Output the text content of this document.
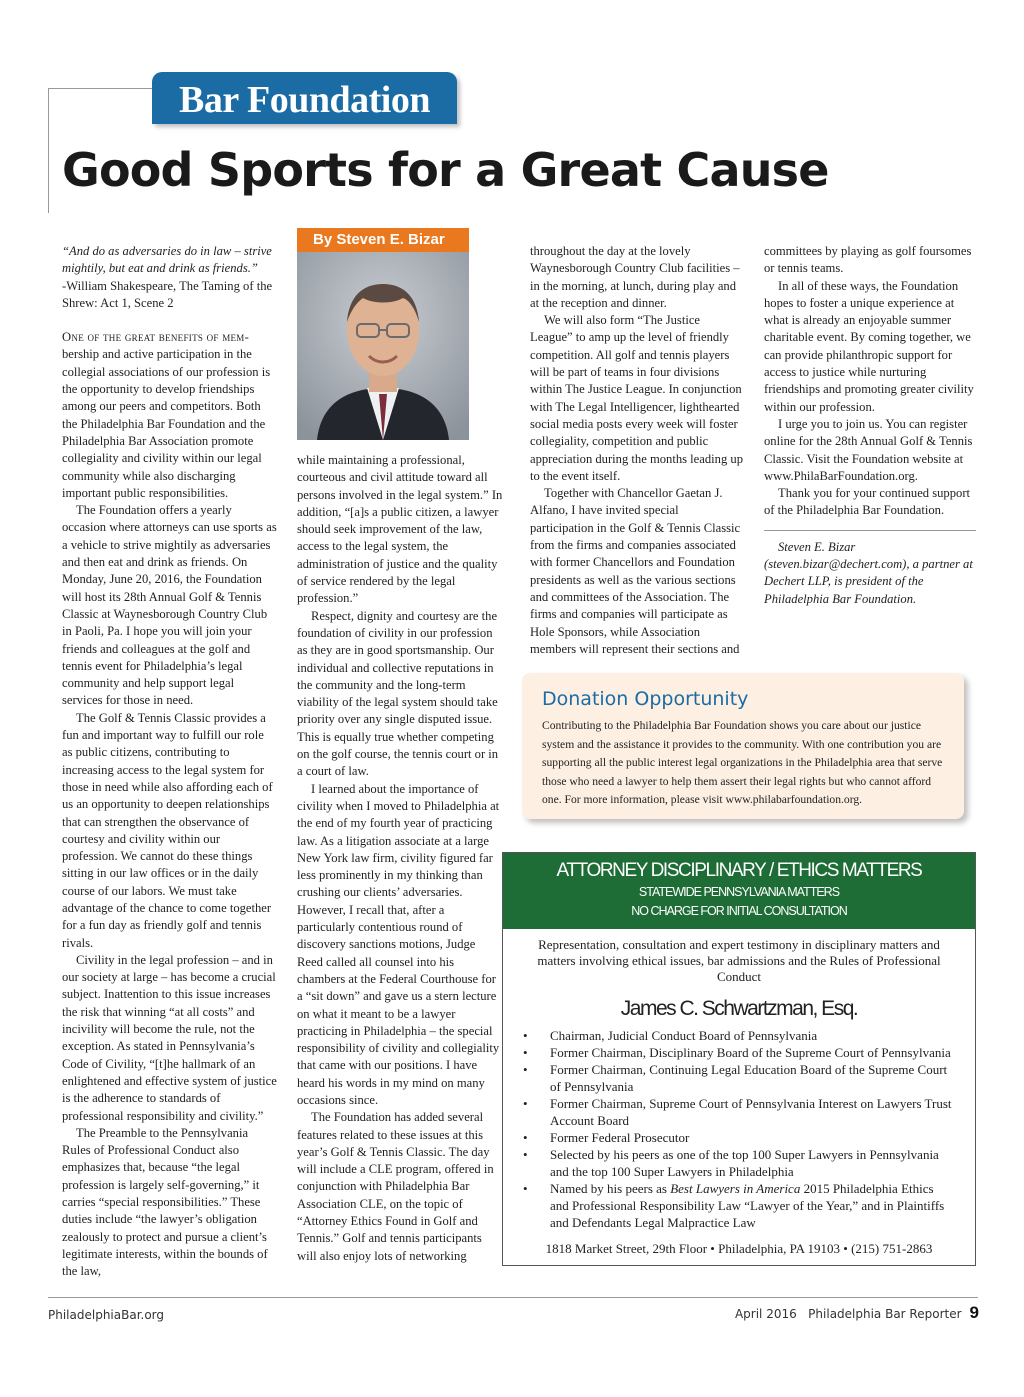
Bar Foundation
Good Sports for a Great Cause

“And do as adversaries do in law – strive mightily, but eat and drink as friends.”

-William Shakespeare, The Taming of the Shrew: Act 1, Scene 2

One of the great benefits of mem-bership and active participation in the collegial associations of our profession is the opportunity to develop friendships among our peers and competitors. Both the Philadelphia Bar Foundation and the Philadelphia Bar Association promote collegiality and civility within our legal community while also discharging important public responsibilities.

The Foundation offers a yearly occasion where attorneys can use sports as a vehicle to strive mightily as adversaries and then eat and drink as friends. On Monday, June 20, 2016, the Foundation will host its 28th Annual Golf & Tennis Classic at Waynesborough Country Club in Paoli, Pa. I hope you will join your friends and colleagues at the golf and tennis event for Philadelphia’s legal community and help support legal services for those in need.

The Golf & Tennis Classic provides a fun and important way to fulfill our role as public citizens, contributing to increasing access to the legal system for those in need while also affording each of us an opportunity to deepen relationships that can strengthen the observance of courtesy and civility within our profession. We cannot do these things sitting in our law offices or in the daily course of our labors. We must take advantage of the chance to come together for a fun day as friendly golf and tennis rivals.

Civility in the legal profession – and in our society at large – has become a crucial subject. Inattention to this issue increases the risk that winning “at all costs” and incivility will become the rule, not the exception. As stated in Pennsylvania’s Code of Civility, “[t]he hallmark of an enlightened and effective system of justice is the adherence to standards of professional responsibility and civility.”

The Preamble to the Pennsylvania Rules of Professional Conduct also emphasizes that, because “the legal profession is largely self-governing,” it carries “special responsibilities.” These duties include “the lawyer’s obligation zealously to protect and pursue a client’s legitimate interests, within the bounds of the law,

By Steven E. Bizar

while maintaining a professional, courteous and civil attitude toward all persons involved in the legal system.” In addition, “[a]s a public citizen, a lawyer should seek improvement of the law, access to the legal system, the administration of justice and the quality of service rendered by the legal profession.”

Respect, dignity and courtesy are the foundation of civility in our profession as they are in good sportsmanship. Our individual and collective reputations in the community and the long-term viability of the legal system should take priority over any single disputed issue. This is equally true whether competing on the golf course, the tennis court or in a court of law.

I learned about the importance of civility when I moved to Philadelphia at the end of my fourth year of practicing law. As a litigation associate at a large New York law firm, civility figured far less prominently in my thinking than crushing our clients’ adversaries. However, I recall that, after a particularly contentious round of discovery sanctions motions, Judge Reed called all counsel into his chambers at the Federal Courthouse for a “sit down” and gave us a stern lecture on what it meant to be a lawyer practicing in Philadelphia – the special responsibility of civility and collegiality that came with our positions. I have heard his words in my mind on many occasions since.

The Foundation has added several features related to these issues at this year’s Golf & Tennis Classic. The day will include a CLE program, offered in conjunction with Philadelphia Bar Association CLE, on the topic of “Attorney Ethics Found in Golf and Tennis.” Golf and tennis participants will also enjoy lots of networking

throughout the day at the lovely Waynesborough Country Club facilities – in the morning, at lunch, during play and at the reception and dinner.

We will also form “The Justice League” to amp up the level of friendly competition. All golf and tennis players will be part of teams in four divisions within The Justice League. In conjunction with The Legal Intelligencer, lighthearted social media posts every week will foster collegiality, competition and public appreciation during the months leading up to the event itself.

Together with Chancellor Gaetan J. Alfano, I have invited special participation in the Golf & Tennis Classic from the firms and companies associated with former Chancellors and Foundation presidents as well as the various sections and committees of the Association. The firms and companies will participate as Hole Sponsors, while Association members will represent their sections and

committees by playing as golf foursomes or tennis teams.

In all of these ways, the Foundation hopes to foster a unique experience at what is already an enjoyable summer charitable event. By coming together, we can provide philanthropic support for access to justice while nurturing friendships and promoting greater civility within our profession.

I urge you to join us. You can register online for the 28th Annual Golf & Tennis Classic. Visit the Foundation website at www.PhilaBarFoundation.org.

Thank you for your continued support of the Philadelphia Bar Foundation.

Steven E. Bizar (steven.bizar@dechert.com), a partner at Dechert LLP, is president of the Philadelphia Bar Foundation.

Donation Opportunity

Contributing to the Philadelphia Bar Foundation shows you care about our justice system and the assistance it provides to the community. With one contribution you are supporting all the public interest legal organizations in the Philadelphia area that serve those who need a lawyer to help them assert their legal rights but who cannot afford one. For more information, please visit www.philabarfoundation.org.

ATTORNEY DISCIPLINARY / ETHICS MATTERS
STATEWIDE PENNSYLVANIA MATTERS
NO CHARGE FOR INITIAL CONSULTATION
Representation, consultation and expert testimony in disciplinary matters and matters involving ethical issues, bar admissions and the Rules of Professional Conduct
James C. Schwartzman, Esq.
• Chairman, Judicial Conduct Board of Pennsylvania
• Former Chairman, Disciplinary Board of the Supreme Court of Pennsylvania
• Former Chairman, Continuing Legal Education Board of the Supreme Court of Pennsylvania
• Former Chairman, Supreme Court of Pennsylvania Interest on Lawyers Trust Account Board
• Former Federal Prosecutor
• Selected by his peers as one of the top 100 Super Lawyers in Pennsylvania and the top 100 Super Lawyers in Philadelphia
• Named by his peers as Best Lawyers in America 2015 Philadelphia Ethics and Professional Responsibility Law “Lawyer of the Year,” and in Plaintiffs and Defendants Legal Malpractice Law
1818 Market Street, 29th Floor • Philadelphia, PA 19103 • (215) 751-2863
PhiladelphiaBar.org	April 2016   Philadelphia Bar Reporter 9
